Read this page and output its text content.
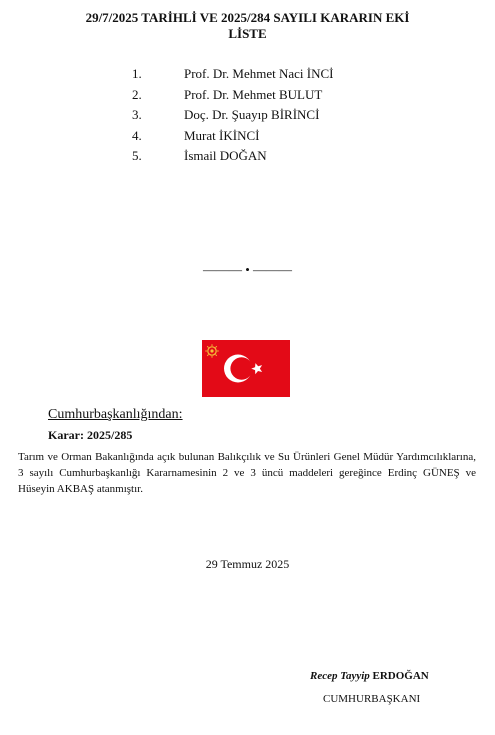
29/7/2025 TARİHLİ VE 2025/284 SAYILI KARARIN EKİ
LİSTE
1.	Prof. Dr. Mehmet Naci İNCİ
2.	Prof. Dr. Mehmet BULUT
3.	Doç. Dr. Şuayıp BİRİNCİ
4.	Murat İKİNCİ
5.	İsmail DOĞAN
——— • ———
Cumhurbaşkanlığından:
Karar: 2025/285

Tarım ve Orman Bakanlığında açık bulunan Balıkçılık ve Su Ürünleri Genel Müdür Yardımcılıklarına, 3 sayılı Cumhurbaşkanlığı Kararnamesinin 2 ve 3 üncü maddeleri gereğince Erdinç GÜNEŞ ve Hüseyin AKBAŞ atanmıştır.

29 Temmuz 2025
Recep Tayyip ERDOĞAN
CUMHURBAŞKANI
